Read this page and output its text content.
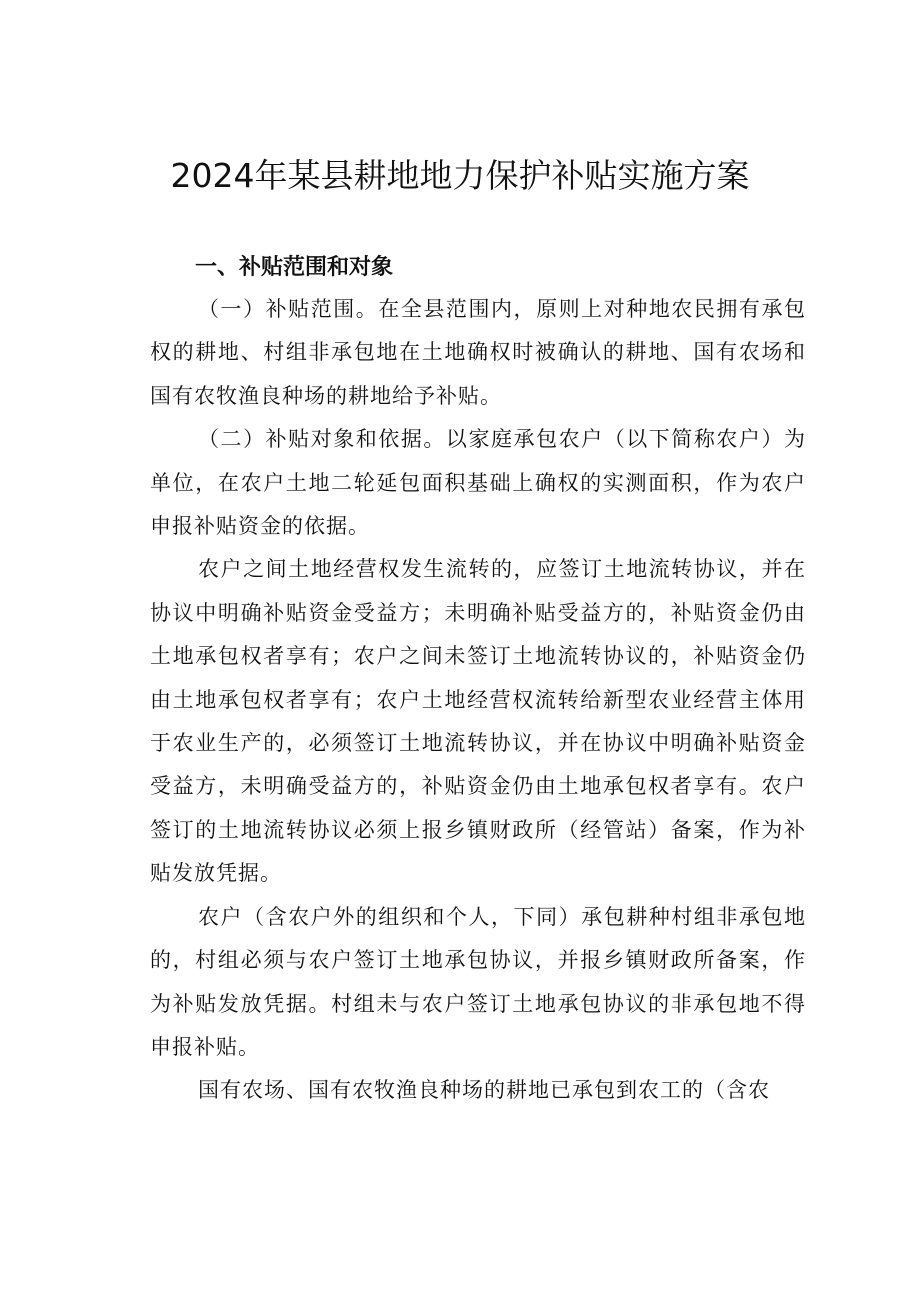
2024年某县耕地地力保护补贴实施方案
一、补贴范围和对象

（一）补贴范围。在全县范围内，原则上对种地农民拥有承包权的耕地、村组非承包地在土地确权时被确认的耕地、国有农场和国有农牧渔良种场的耕地给予补贴。

（二）补贴对象和依据。以家庭承包农户（以下简称农户）为单位，在农户土地二轮延包面积基础上确权的实测面积，作为农户申报补贴资金的依据。

农户之间土地经营权发生流转的，应签订土地流转协议，并在协议中明确补贴资金受益方；未明确补贴受益方的，补贴资金仍由土地承包权者享有；农户之间未签订土地流转协议的，补贴资金仍由土地承包权者享有；农户土地经营权流转给新型农业经营主体用于农业生产的，必须签订土地流转协议，并在协议中明确补贴资金受益方，未明确受益方的，补贴资金仍由土地承包权者享有。农户签订的土地流转协议必须上报乡镇财政所（经管站）备案，作为补贴发放凭据。

农户（含农户外的组织和个人，下同）承包耕种村组非承包地的，村组必须与农户签订土地承包协议，并报乡镇财政所备案，作为补贴发放凭据。村组未与农户签订土地承包协议的非承包地不得申报补贴。

国有农场、国有农牧渔良种场的耕地已承包到农工的（含农
